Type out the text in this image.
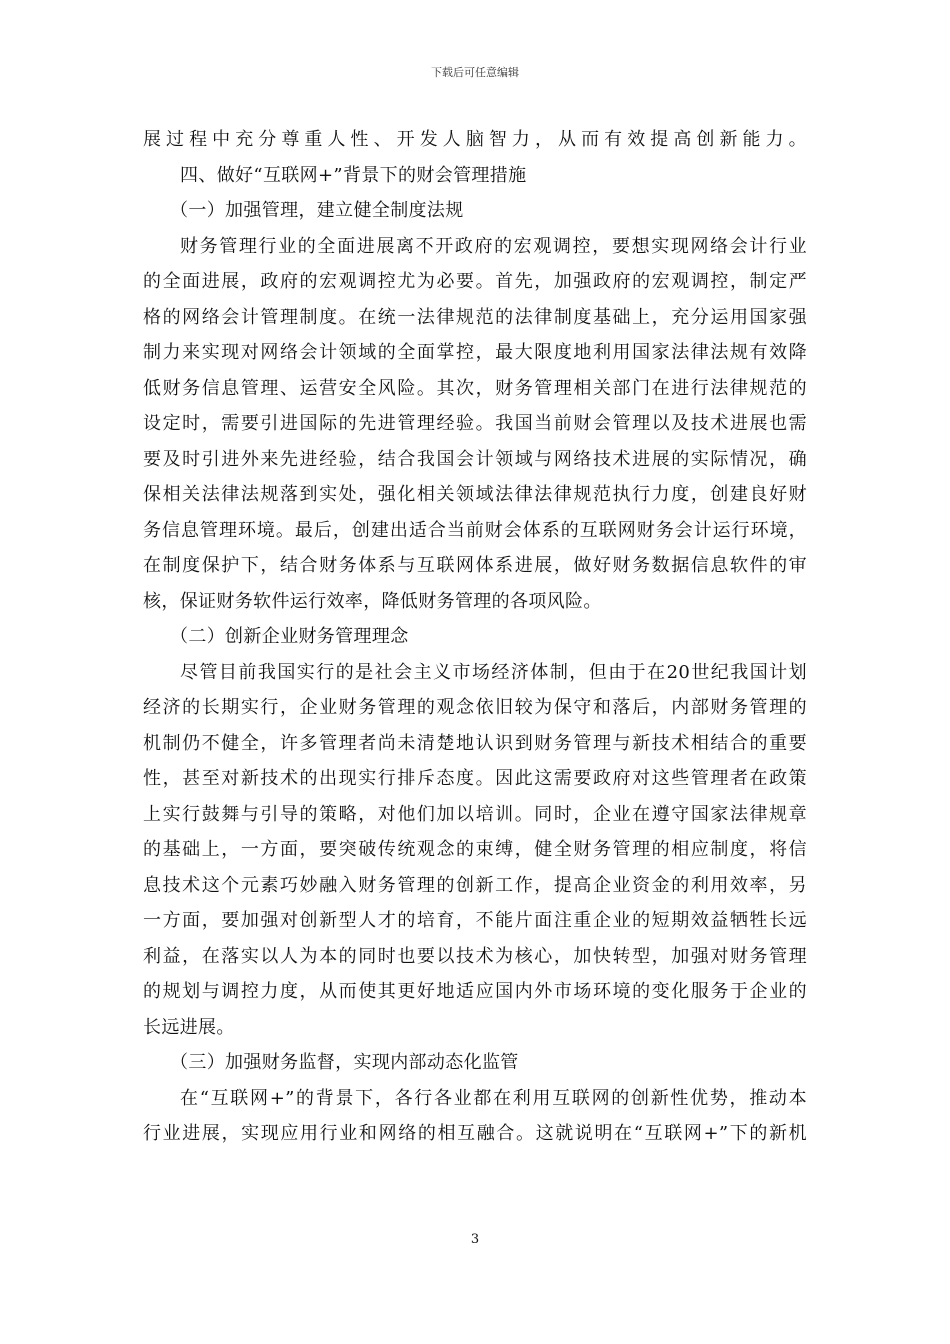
下载后可任意编辑
展过程中充分尊重人性、开发人脑智力，从而有效提高创新能力。
四、做好“互联网+”背景下的财会管理措施
（一）加强管理，建立健全制度法规
财务管理行业的全面进展离不开政府的宏观调控，要想实现网络会计行业
的全面进展，政府的宏观调控尤为必要。首先，加强政府的宏观调控，制定严
格的网络会计管理制度。在统一法律规范的法律制度基础上，充分运用国家强
制力来实现对网络会计领域的全面掌控，最大限度地利用国家法律法规有效降
低财务信息管理、运营安全风险。其次，财务管理相关部门在进行法律规范的
设定时，需要引进国际的先进管理经验。我国当前财会管理以及技术进展也需
要及时引进外来先进经验，结合我国会计领域与网络技术进展的实际情况，确
保相关法律法规落到实处，强化相关领域法律法律规范执行力度，创建良好财
务信息管理环境。最后，创建出适合当前财会体系的互联网财务会计运行环境，
在制度保护下，结合财务体系与互联网体系进展，做好财务数据信息软件的审
核，保证财务软件运行效率，降低财务管理的各项风险。
（二）创新企业财务管理理念
尽管目前我国实行的是社会主义市场经济体制，但由于在20世纪我国计划
经济的长期实行，企业财务管理的观念依旧较为保守和落后，内部财务管理的
机制仍不健全，许多管理者尚未清楚地认识到财务管理与新技术相结合的重要
性，甚至对新技术的出现实行排斥态度。因此这需要政府对这些管理者在政策
上实行鼓舞与引导的策略，对他们加以培训。同时，企业在遵守国家法律规章
的基础上，一方面，要突破传统观念的束缚，健全财务管理的相应制度，将信
息技术这个元素巧妙融入财务管理的创新工作，提高企业资金的利用效率，另
一方面，要加强对创新型人才的培育，不能片面注重企业的短期效益牺牲长远
利益，在落实以人为本的同时也要以技术为核心，加快转型，加强对财务管理
的规划与调控力度，从而使其更好地适应国内外市场环境的变化服务于企业的
长远进展。
（三）加强财务监督，实现内部动态化监管
在“互联网+”的背景下，各行各业都在利用互联网的创新性优势，推动本
行业进展，实现应用行业和网络的相互融合。这就说明在“互联网+”下的新机
3
